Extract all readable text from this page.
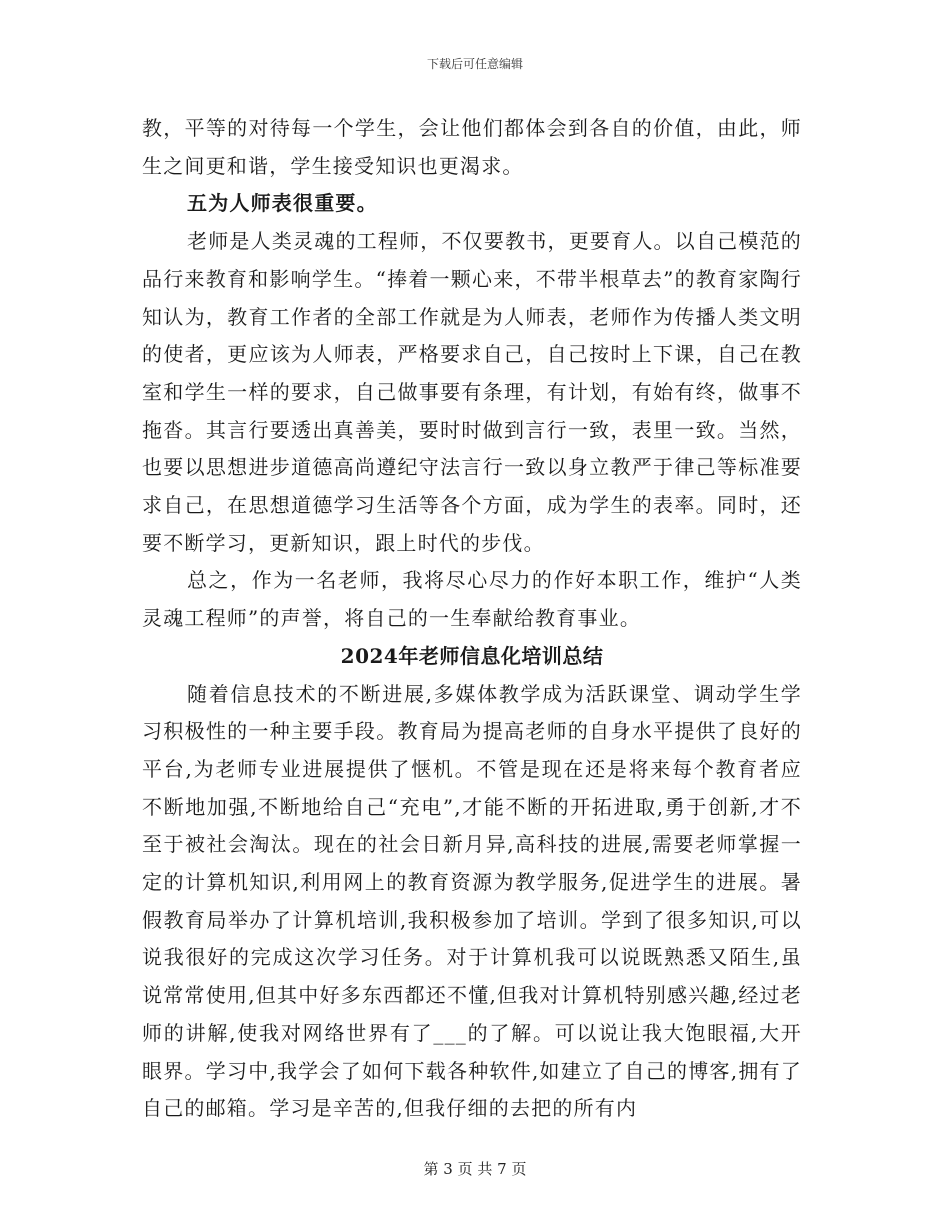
下载后可任意编辑

教，平等的对待每一个学生，会让他们都体会到各自的价值，由此，师生之间更和谐，学生接受知识也更渴求。

五为人师表很重要。

老师是人类灵魂的工程师，不仅要教书，更要育人。以自己模范的品行来教育和影响学生。“捧着一颗心来，不带半根草去”的教育家陶行知认为，教育工作者的全部工作就是为人师表，老师作为传播人类文明的使者，更应该为人师表，严格要求自己，自己按时上下课，自己在教室和学生一样的要求，自己做事要有条理，有计划，有始有终，做事不拖沓。其言行要透出真善美，要时时做到言行一致，表里一致。当然，也要以思想进步道德高尚遵纪守法言行一致以身立教严于律己等标准要求自己，在思想道德学习生活等各个方面，成为学生的表率。同时，还要不断学习，更新知识，跟上时代的步伐。

总之，作为一名老师，我将尽心尽力的作好本职工作，维护“人类灵魂工程师”的声誉，将自己的一生奉献给教育事业。

2024年老师信息化培训总结

随着信息技术的不断进展,多媒体教学成为活跃课堂、调动学生学习积极性的一种主要手段。教育局为提高老师的自身水平提供了良好的平台,为老师专业进展提供了惬机。不管是现在还是将来每个教育者应不断地加强,不断地给自己“充电”,才能不断的开拓进取,勇于创新,才不至于被社会淘汰。现在的社会日新月异,高科技的进展,需要老师掌握一定的计算机知识,利用网上的教育资源为教学服务,促进学生的进展。暑假教育局举办了计算机培训,我积极参加了培训。学到了很多知识,可以说我很好的完成这次学习任务。对于计算机我可以说既熟悉又陌生,虽说常常使用,但其中好多东西都还不懂,但我对计算机特别感兴趣,经过老师的讲解,使我对网络世界有了___的了解。可以说让我大饱眼福,大开眼界。学习中,我学会了如何下载各种软件,如建立了自己的博客,拥有了自己的邮箱。学习是辛苦的,但我仔细的去把的所有内

第 3 页 共 7 页
